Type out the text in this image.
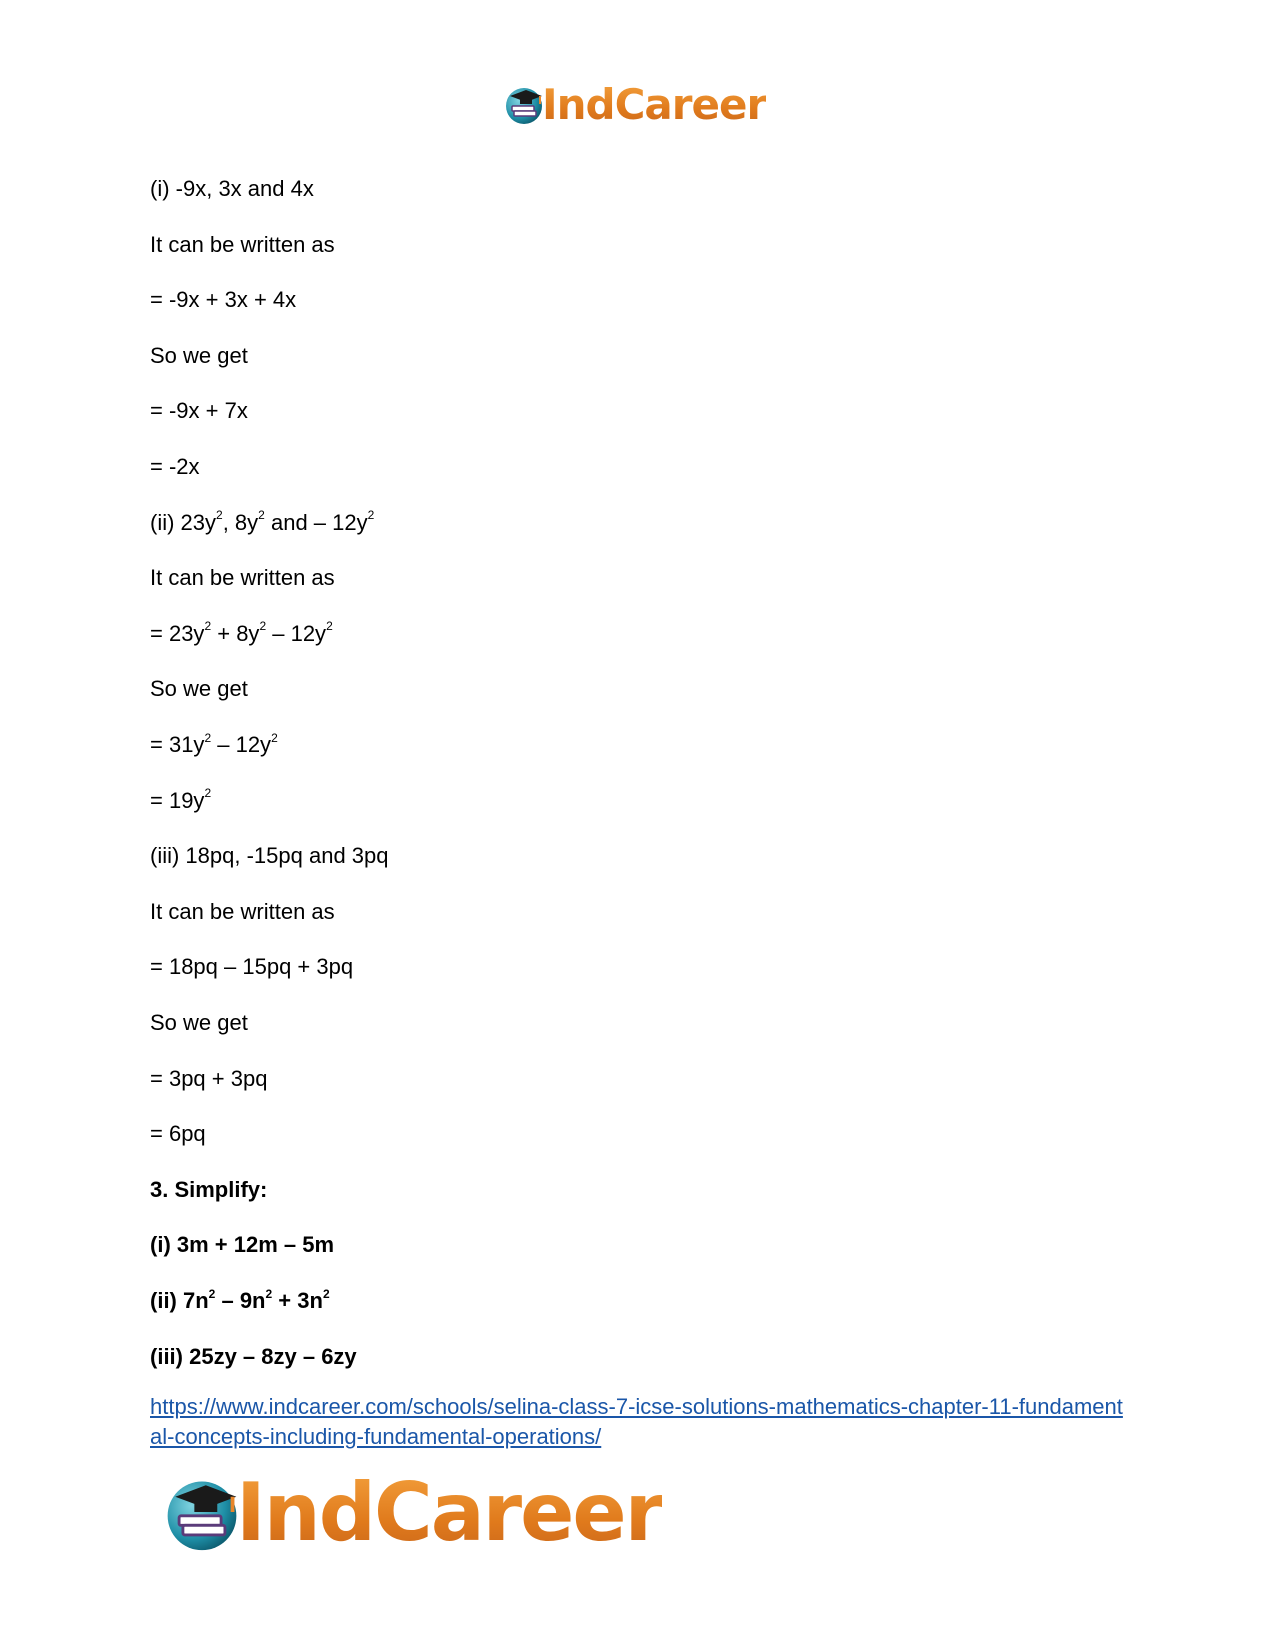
IndCareer
(i) -9x, 3x and 4x
It can be written as
= -9x + 3x + 4x
So we get
= -9x + 7x
= -2x
(ii) $23y^2$, $8y^2$ and – $12y^2$
It can be written as
= $23y^2 + 8y^2 - 12y^2$
So we get
= $31y^2 - 12y^2$
= $19y^2$
(iii) 18pq, -15pq and 3pq
It can be written as
= 18pq – 15pq + 3pq
So we get
= 3pq + 3pq
= 6pq
3. Simplify:
(i) 3m + 12m – 5m
(ii) $7n^2 - 9n^2 + 3n^2$
(iii) 25zy – 8zy – 6zy
https://www.indcareer.com/schools/selina-class-7-icse-solutions-mathematics-chapter-11-fundamental-concepts-including-fundamental-operations/
IndCareer
